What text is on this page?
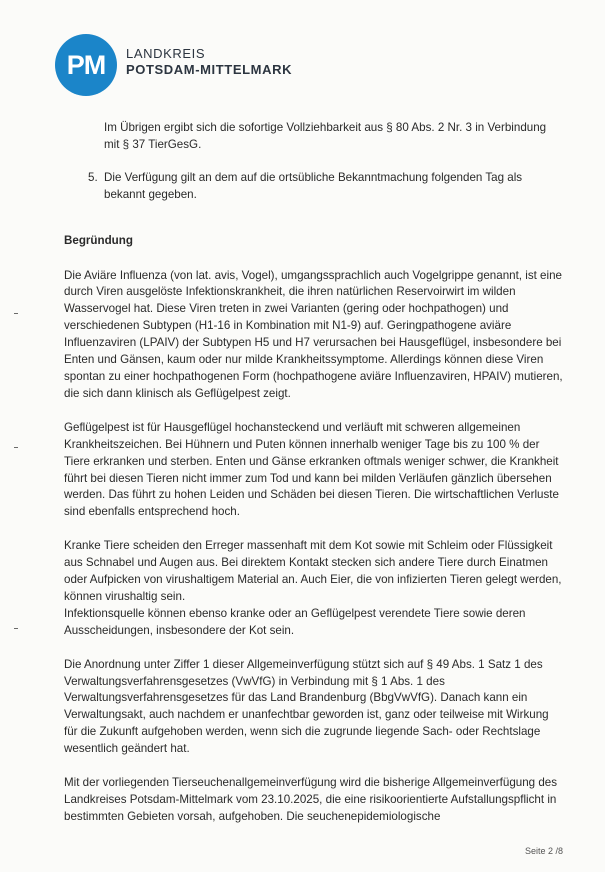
PM	LANDKREIS
POTSDAM-MITTELMARK

Im Übrigen ergibt sich die sofortige Vollziehbarkeit aus § 80 Abs. 2 Nr. 3 in Verbindung mit § 37 TierGesG.

5. Die Verfügung gilt an dem auf die ortsübliche Bekanntmachung folgenden Tag als bekannt gegeben.
Begründung

Die Aviäre Influenza (von lat. avis, Vogel), umgangssprachlich auch Vogelgrippe genannt, ist eine durch Viren ausgelöste Infektionskrankheit, die ihren natürlichen Reservoirwirt im wilden Wasservogel hat. Diese Viren treten in zwei Varianten (gering oder hochpathogen) und verschiedenen Subtypen (H1-16 in Kombination mit N1-9) auf. Geringpathogene aviäre Influenzaviren (LPAIV) der Subtypen H5 und H7 verursachen bei Hausgeflügel, insbesondere bei Enten und Gänsen, kaum oder nur milde Krankheitssymptome. Allerdings können diese Viren spontan zu einer hochpathogenen Form (hochpathogene aviäre Influenzaviren, HPAIV) mutieren, die sich dann klinisch als Geflügelpest zeigt.

Geflügelpest ist für Hausgeflügel hochansteckend und verläuft mit schweren allgemeinen Krankheitszeichen. Bei Hühnern und Puten können innerhalb weniger Tage bis zu 100 % der Tiere erkranken und sterben. Enten und Gänse erkranken oftmals weniger schwer, die Krankheit führt bei diesen Tieren nicht immer zum Tod und kann bei milden Verläufen gänzlich übersehen werden. Das führt zu hohen Leiden und Schäden bei diesen Tieren. Die wirtschaftlichen Verluste sind ebenfalls entsprechend hoch.

Kranke Tiere scheiden den Erreger massenhaft mit dem Kot sowie mit Schleim oder Flüssigkeit aus Schnabel und Augen aus. Bei direktem Kontakt stecken sich andere Tiere durch Einatmen oder Aufpicken von virushaltigem Material an. Auch Eier, die von infizierten Tieren gelegt werden, können virushaltig sein.

Infektionsquelle können ebenso kranke oder an Geflügelpest verendete Tiere sowie deren Ausscheidungen, insbesondere der Kot sein.

Die Anordnung unter Ziffer 1 dieser Allgemeinverfügung stützt sich auf § 49 Abs. 1 Satz 1 des Verwaltungsverfahrensgesetzes (VwVfG) in Verbindung mit § 1 Abs. 1 des Verwaltungsverfahrensgesetzes für das Land Brandenburg (BbgVwVfG). Danach kann ein Verwaltungsakt, auch nachdem er unanfechtbar geworden ist, ganz oder teilweise mit Wirkung für die Zukunft aufgehoben werden, wenn sich die zugrunde liegende Sach- oder Rechtslage wesentlich geändert hat.

Mit der vorliegenden Tierseuchenallgemeinverfügung wird die bisherige Allgemeinverfügung des Landkreises Potsdam-Mittelmark vom 23.10.2025, die eine risikoorientierte Aufstallungspflicht in bestimmten Gebieten vorsah, aufgehoben. Die seuchenepidemiologische

Seite 2 /8
